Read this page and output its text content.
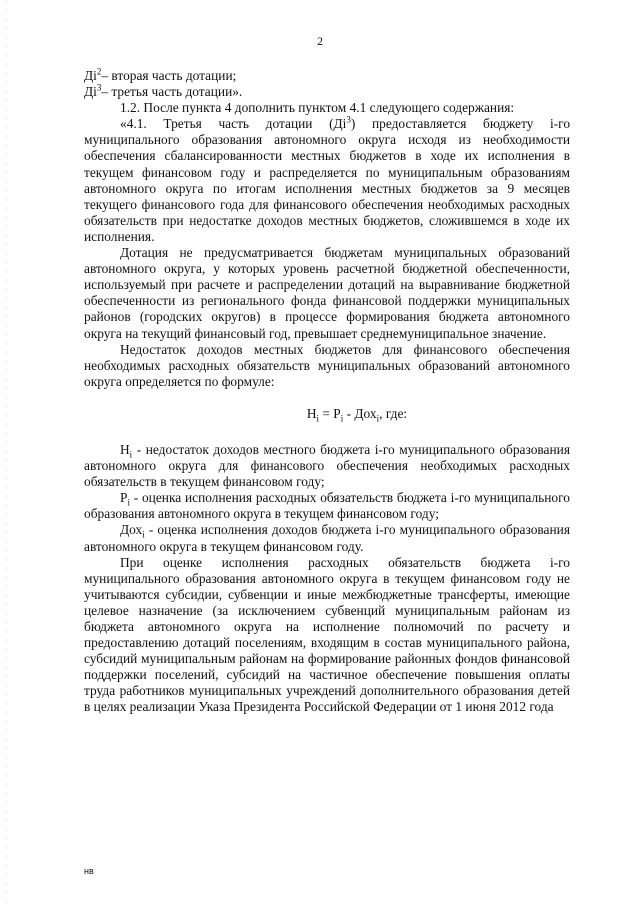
2

$Дi^2-$ вторая часть дотации;

$Дi^3-$ третья часть дотации».

1.2. После пункта 4 дополнить пунктом 4.1 следующего содержания:

«4.1. Третья часть дотации $(Дi^3)$ предоставляется бюджету i-го муниципального образования автономного округа исходя из необходимости обеспечения сбалансированности местных бюджетов в ходе их исполнения в текущем финансовом году и распределяется по муниципальным образованиям автономного округа по итогам исполнения местных бюджетов за 9 месяцев текущего финансового года для финансового обеспечения необходимых расходных обязательств при недостатке доходов местных бюджетов, сложившемся в ходе их исполнения.

Дотация не предусматривается бюджетам муниципальных образований автономного округа, у которых уровень расчетной бюджетной обеспеченности, используемый при расчете и распределении дотаций на выравнивание бюджетной обеспеченности из регионального фонда финансовой поддержки муниципальных районов (городских округов) в процессе формирования бюджета автономного округа на текущий финансовый год, превышает среднемуниципальное значение.

Недостаток доходов местных бюджетов для финансового обеспечения необходимых расходных обязательств муниципальных образований автономного округа определяется по формуле:

$Н_i = Р_i - Дох_i$, где:

$Н_i$ - недостаток доходов местного бюджета i-го муниципального образования автономного округа для финансового обеспечения необходимых расходных обязательств в текущем финансовом году;

$Р_i$ - оценка исполнения расходных обязательств бюджета i-го муниципального образования автономного округа в текущем финансовом году;

Дох$_i$ - оценка исполнения доходов бюджета i-го муниципального образования автономного округа в текущем финансовом году.

При оценке исполнения расходных обязательств бюджета i-го муниципального образования автономного округа в текущем финансовом году не учитываются субсидии, субвенции и иные межбюджетные трансферты, имеющие целевое назначение (за исключением субвенций муниципальным районам из бюджета автономного округа на исполнение полномочий по расчету и предоставлению дотаций поселениям, входящим в состав муниципального района, субсидий муниципальным районам на формирование районных фондов финансовой поддержки поселений, субсидий на частичное обеспечение повышения оплаты труда работников муниципальных учреждений дополнительного образования детей в целях реализации Указа Президента Российской Федерации от 1 июня 2012 года

нв
